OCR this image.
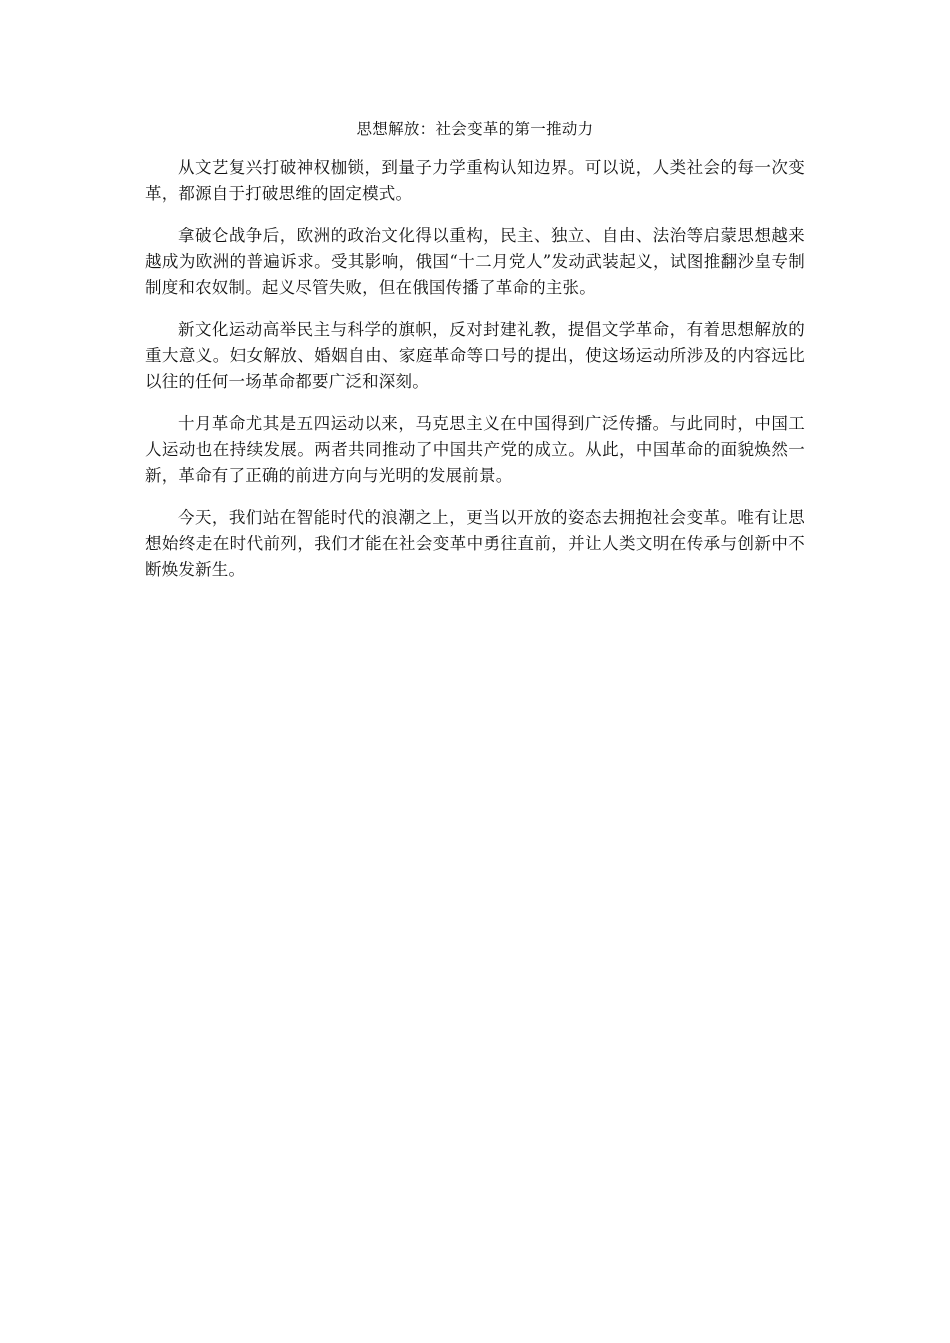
思想解放：社会变革的第一推动力

从文艺复兴打破神权枷锁，到量子力学重构认知边界。可以说，人类社会的每一次变革，都源自于打破思维的固定模式。

拿破仑战争后，欧洲的政治文化得以重构，民主、独立、自由、法治等启蒙思想越来越成为欧洲的普遍诉求。受其影响，俄国“十二月党人”发动武装起义，试图推翻沙皇专制制度和农奴制。起义尽管失败，但在俄国传播了革命的主张。

新文化运动高举民主与科学的旗帜，反对封建礼教，提倡文学革命，有着思想解放的重大意义。妇女解放、婚姻自由、家庭革命等口号的提出，使这场运动所涉及的内容远比以往的任何一场革命都要广泛和深刻。

十月革命尤其是五四运动以来，马克思主义在中国得到广泛传播。与此同时，中国工人运动也在持续发展。两者共同推动了中国共产党的成立。从此，中国革命的面貌焕然一新，革命有了正确的前进方向与光明的发展前景。

今天，我们站在智能时代的浪潮之上，更当以开放的姿态去拥抱社会变革。唯有让思想始终走在时代前列，我们才能在社会变革中勇往直前，并让人类文明在传承与创新中不断焕发新生。
